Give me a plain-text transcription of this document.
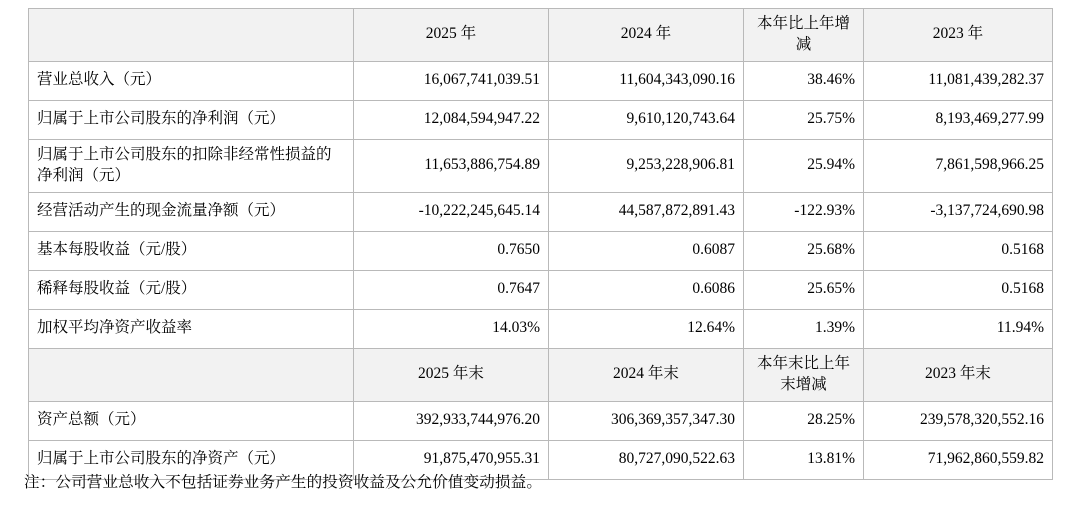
	2025 年	2024 年	本年比上年增减	2023 年
营业总收入（元）	16,067,741,039.51	11,604,343,090.16	38.46%	11,081,439,282.37
归属于上市公司股东的净利润（元）	12,084,594,947.22	9,610,120,743.64	25.75%	8,193,469,277.99
归属于上市公司股东的扣除非经常性损益的净利润（元）	11,653,886,754.89	9,253,228,906.81	25.94%	7,861,598,966.25
经营活动产生的现金流量净额（元）	-10,222,245,645.14	44,587,872,891.43	-122.93%	-3,137,724,690.98
基本每股收益（元/股）	0.7650	0.6087	25.68%	0.5168
稀释每股收益（元/股）	0.7647	0.6086	25.65%	0.5168
加权平均净资产收益率	14.03%	12.64%	1.39%	11.94%
	2025 年末	2024 年末	本年末比上年末增减	2023 年末
资产总额（元）	392,933,744,976.20	306,369,357,347.30	28.25%	239,578,320,552.16
归属于上市公司股东的净资产（元）	91,875,470,955.31	80,727,090,522.63	13.81%	71,962,860,559.82
注：公司营业总收入不包括证券业务产生的投资收益及公允价值变动损益。
